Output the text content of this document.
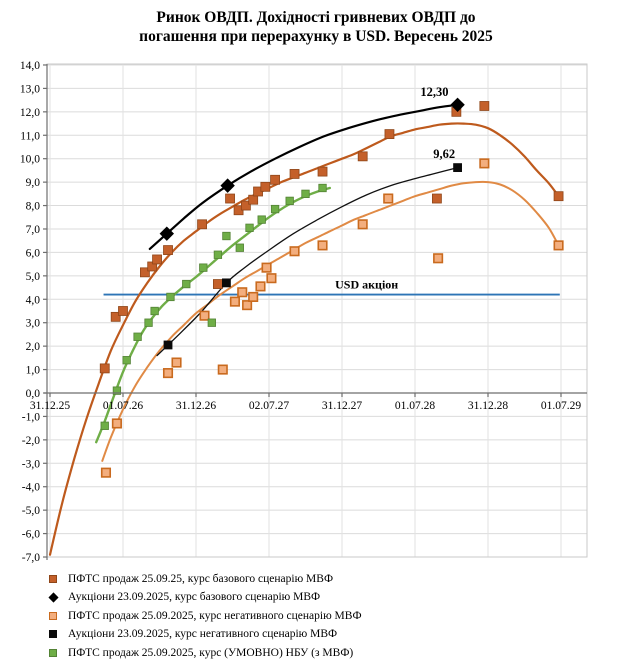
Ринок ОВДП. Дохідності гривневих ОВДП до
погашення при перерахунку в USD. Вересень 2025
14,0
13,0
12,0
11,0
10,0
9,0
8,0
7,0
6,0
5,0
4,0
3,0
2,0
1,0
0,0
-1,0
-2,0
-3,0
-4,0
-5,0
-6,0
-7,0
31.12.25	01.07.26	31.12.26	02.07.27	31.12.27	01.07.28	31.12.28	01.07.29
12,30
9,62
USD акціон
ПФТС продаж 25.09.25, курс базового сценарію МВФ
Аукціони 23.09.2025, курс базового сценарію МВФ
ПФТС продаж 25.09.2025, курс негативного сценарію МВФ
Аукціони 23.09.2025, курс негативного сценарію МВФ
ПФТС продаж 25.09.2025, курс (УМОВНО) НБУ (з МВФ)
